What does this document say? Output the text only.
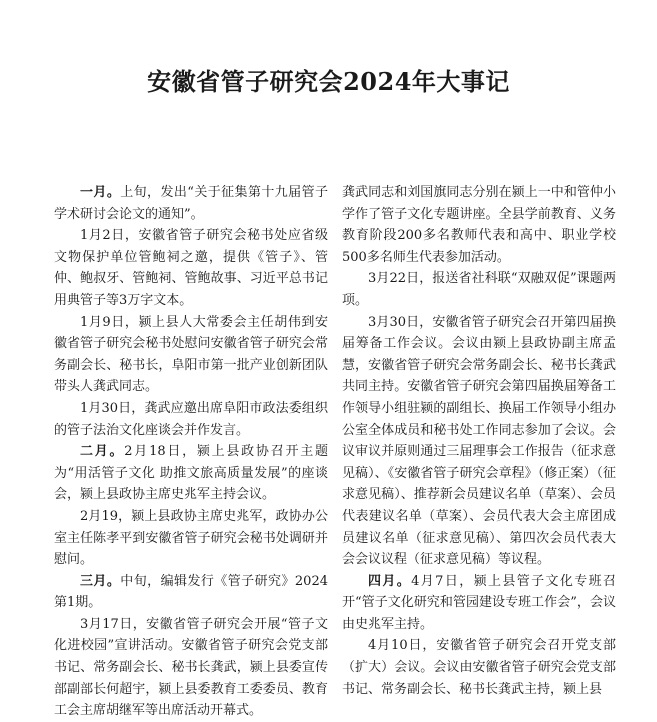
安徽省管子研究会2024年大事记

一月。上旬，发出“关于征集第十九届管子学术研讨会论文的通知”。

1月2日，安徽省管子研究会秘书处应省级文物保护单位管鲍祠之邀，提供《管子》、管仲、鲍叔牙、管鲍祠、管鲍故事、习近平总书记用典管子等3万字文本。

1月9日，颍上县人大常委会主任胡伟到安徽省管子研究会秘书处慰问安徽省管子研究会常务副会长、秘书长，阜阳市第一批产业创新团队带头人龚武同志。

1月30日，龚武应邀出席阜阳市政法委组织的管子法治文化座谈会并作发言。

二月。2月18日，颍上县政协召开主题为“用活管子文化 助推文旅高质量发展”的座谈会，颍上县政协主席史兆军主持会议。

2月19，颍上县政协主席史兆军，政协办公室主任陈孝平到安徽省管子研究会秘书处调研并慰问。

三月。中旬，编辑发行《管子研究》2024第1期。

3月17日，安徽省管子研究会开展“管子文化进校园”宣讲活动。安徽省管子研究会党支部书记、常务副会长、秘书长龚武，颍上县委宣传部副部长何超宇，颍上县委教育工委委员、教育工会主席胡继军等出席活动开幕式。

龚武同志和刘国旗同志分别在颍上一中和管仲小学作了管子文化专题讲座。全县学前教育、义务教育阶段200多名教师代表和高中、职业学校500多名师生代表参加活动。

3月22日，报送省社科联“双融双促”课题两项。

3月30日，安徽省管子研究会召开第四届换届筹备工作会议。会议由颍上县政协副主席孟慧，安徽省管子研究会常务副会长、秘书长龚武共同主持。安徽省管子研究会第四届换届筹备工作领导小组驻颍的副组长、换届工作领导小组办公室全体成员和秘书处工作同志参加了会议。会议审议并原则通过三届理事会工作报告（征求意见稿）、《安徽省管子研究会章程》（修正案）（征求意见稿）、推荐新会员建议名单（草案）、会员代表建议名单（草案）、会员代表大会主席团成员建议名单（征求意见稿）、第四次会员代表大会会议议程（征求意见稿）等议程。

四月。4月7日，颍上县管子文化专班召开“管子文化研究和管园建设专班工作会”，会议由史兆军主持。

4月10日，安徽省管子研究会召开党支部（扩大）会议。会议由安徽省管子研究会党支部书记、常务副会长、秘书长龚武主持，颍上县
